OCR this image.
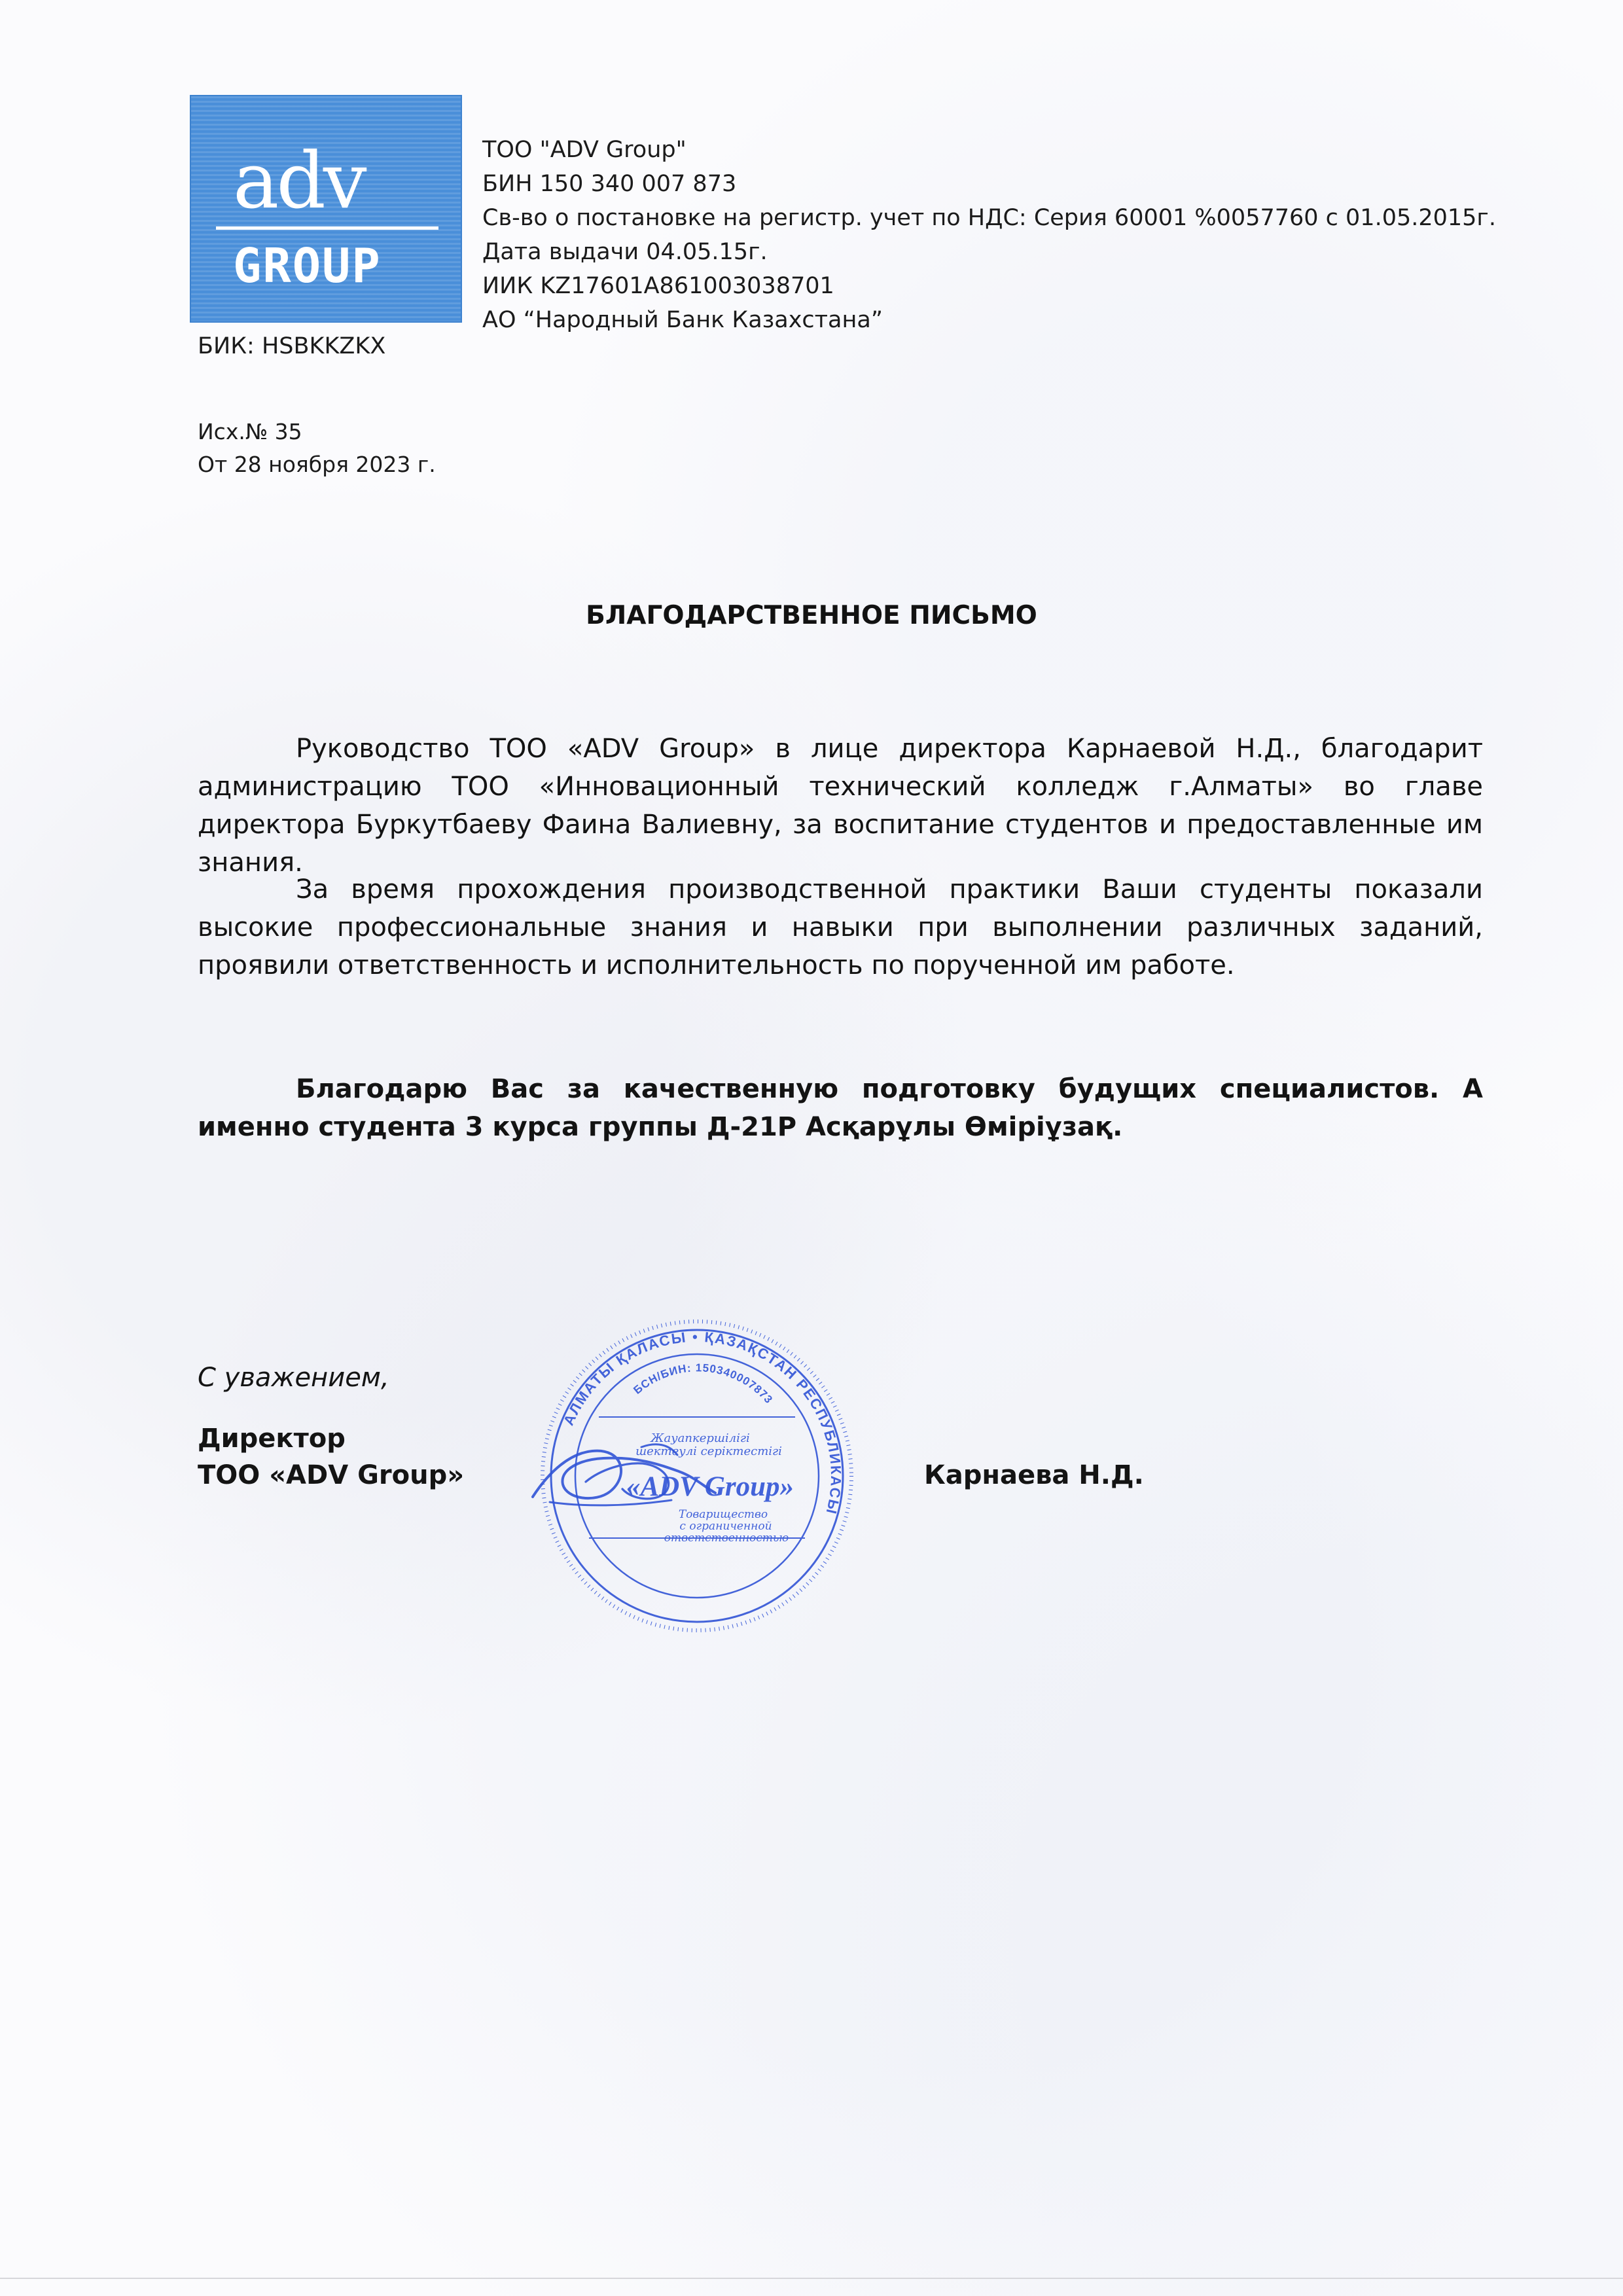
adv
GROUP
ТОО "ADV Group"
БИН 150 340 007 873
Св-во о постановке на регистр. учет по НДС: Серия 60001 %0057760 с 01.05.2015г.
Дата выдачи 04.05.15г.
ИИК KZ17601A861003038701
АО “Народный Банк Казахстана”
БИК: HSBKKZKX
Исх.№ 35
От 28 ноября 2023 г.
БЛАГОДАРСТВЕННОЕ ПИСЬМО

Руководство ТОО «ADV Group» в лице директора Карнаевой Н.Д., благодарит администрацию ТОО «Инновационный технический колледж г.Алматы» во главе директора Буркутбаеву Фаина Валиевну, за воспитание студентов и предоставленные им знания.

За время прохождения производственной практики Ваши студенты показали высокие профессиональные знания и навыки при выполнении различных заданий, проявили ответственность и исполнительность по порученной им работе.

Благодарю Вас за качественную подготовку будущих специалистов. А именно студента 3 курса группы Д-21Р Асқарұлы Өміріұзақ.

С уважением,
Директор
ТОО «ADV Group»	Карнаева Н.Д.
АЛМАТЫ ҚАЛАСЫ • ҚАЗАҚСТАН РЕСПУБЛИКАСЫ
БСН/БИН: 150340007873
Жауапкершілігі
шектеулі серіктестігі
«ADV Group»
Товарищество
с ограниченной
ответственностью
